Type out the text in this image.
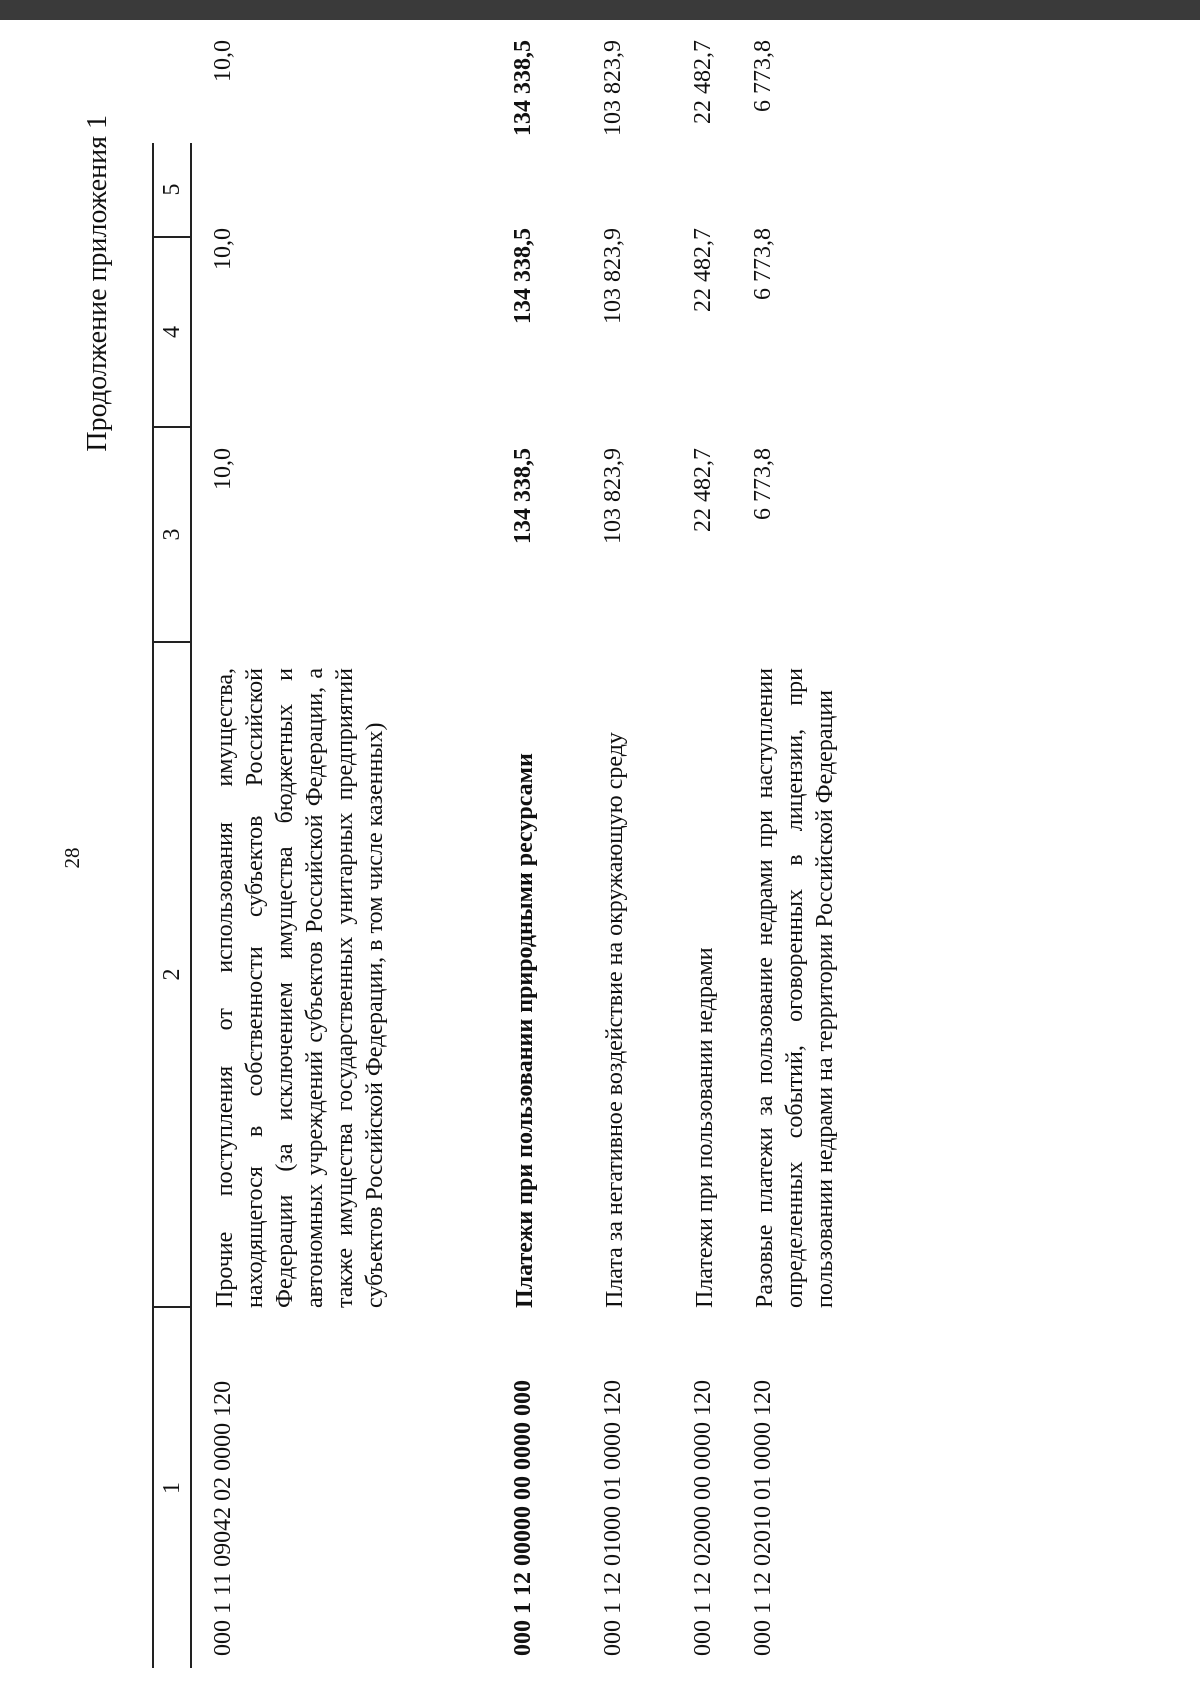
28
Продолжение приложения 1
1
2
3
4
5
000 1 11 09042 02 0000 120
Прочие поступления от использования имущества, находящегося в собственности субъектов Российской Федерации (за исключением имущества бюджетных и автономных учреждений субъектов Российской Федерации, а также имущества государственных унитарных предприятий субъектов Российской Федерации, в том числе казенных)
10,0
10,0
10,0
000 1 12 00000 00 0000 000
Платежи при пользовании природными ресурсами
134 338,5
134 338,5
134 338,5
000 1 12 01000 01 0000 120
Плата за негативное воздействие на окружающую среду
103 823,9
103 823,9
103 823,9
000 1 12 02000 00 0000 120
Платежи при пользовании недрами
22 482,7
22 482,7
22 482,7
000 1 12 02010 01 0000 120
Разовые платежи за пользование недрами при наступлении определенных событий, оговоренных в лицензии, при пользовании недрами на территории Российской Федерации
6 773,8
6 773,8
6 773,8
